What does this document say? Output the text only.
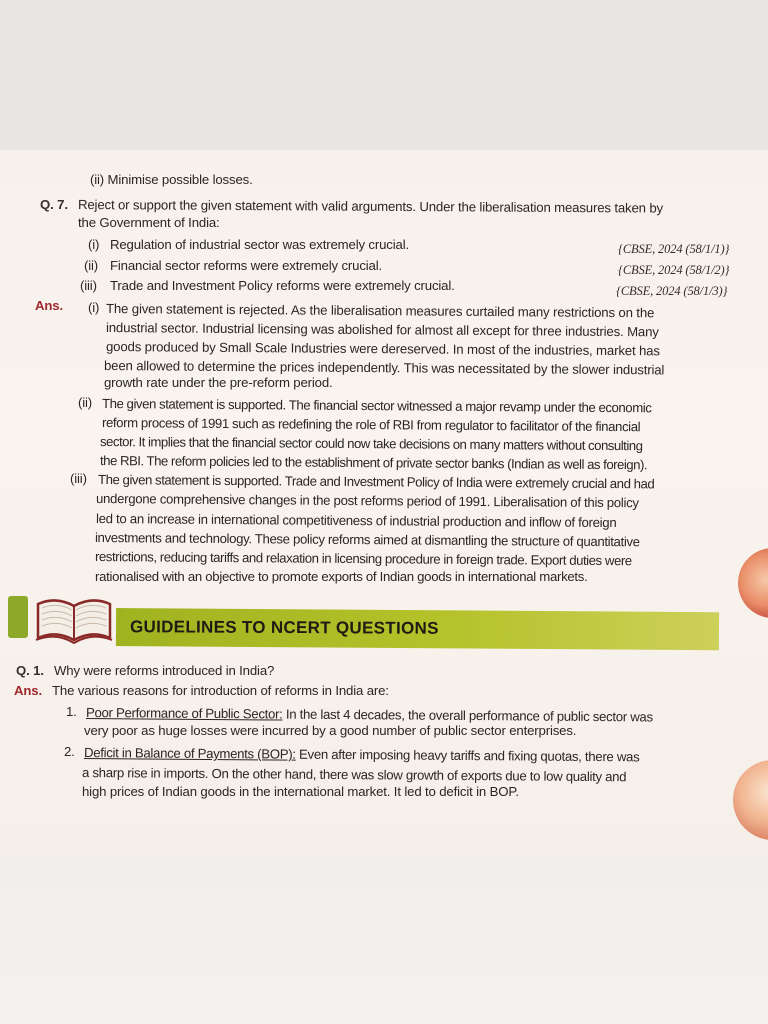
(ii) Minimise possible losses.
Q. 7. Reject or support the given statement with valid arguments. Under the liberalisation measures taken by
the Government of India:
(i) Regulation of industrial sector was extremely crucial.	{CBSE, 2024 (58/1/1)}
(ii) Financial sector reforms were extremely crucial.	{CBSE, 2024 (58/1/2)}
(iii) Trade and Investment Policy reforms were extremely crucial.	{CBSE, 2024 (58/1/3)}
Ans. (i) The given statement is rejected. As the liberalisation measures curtailed many restrictions on the
industrial sector. Industrial licensing was abolished for almost all except for three industries. Many
goods produced by Small Scale Industries were dereserved. In most of the industries, market has
been allowed to determine the prices independently. This was necessitated by the slower industrial
growth rate under the pre-reform period.
(ii) The given statement is supported. The financial sector witnessed a major revamp under the economic
reform process of 1991 such as redefining the role of RBI from regulator to facilitator of the financial
sector. It implies that the financial sector could now take decisions on many matters without consulting
the RBI. The reform policies led to the establishment of private sector banks (Indian as well as foreign).
(iii) The given statement is supported. Trade and Investment Policy of India were extremely crucial and had
undergone comprehensive changes in the post reforms period of 1991. Liberalisation of this policy
led to an increase in international competitiveness of industrial production and inflow of foreign
investments and technology. These policy reforms aimed at dismantling the structure of quantitative
restrictions, reducing tariffs and relaxation in licensing procedure in foreign trade. Export duties were
rationalised with an objective to promote exports of Indian goods in international markets.
GUIDELINES TO NCERT QUESTIONS
Q. 1. Why were reforms introduced in India?
Ans. The various reasons for introduction of reforms in India are:
1. Poor Performance of Public Sector: In the last 4 decades, the overall performance of public sector was
very poor as huge losses were incurred by a good number of public sector enterprises.
2. Deficit in Balance of Payments (BOP): Even after imposing heavy tariffs and fixing quotas, there was
a sharp rise in imports. On the other hand, there was slow growth of exports due to low quality and
high prices of Indian goods in the international market. It led to deficit in BOP.
